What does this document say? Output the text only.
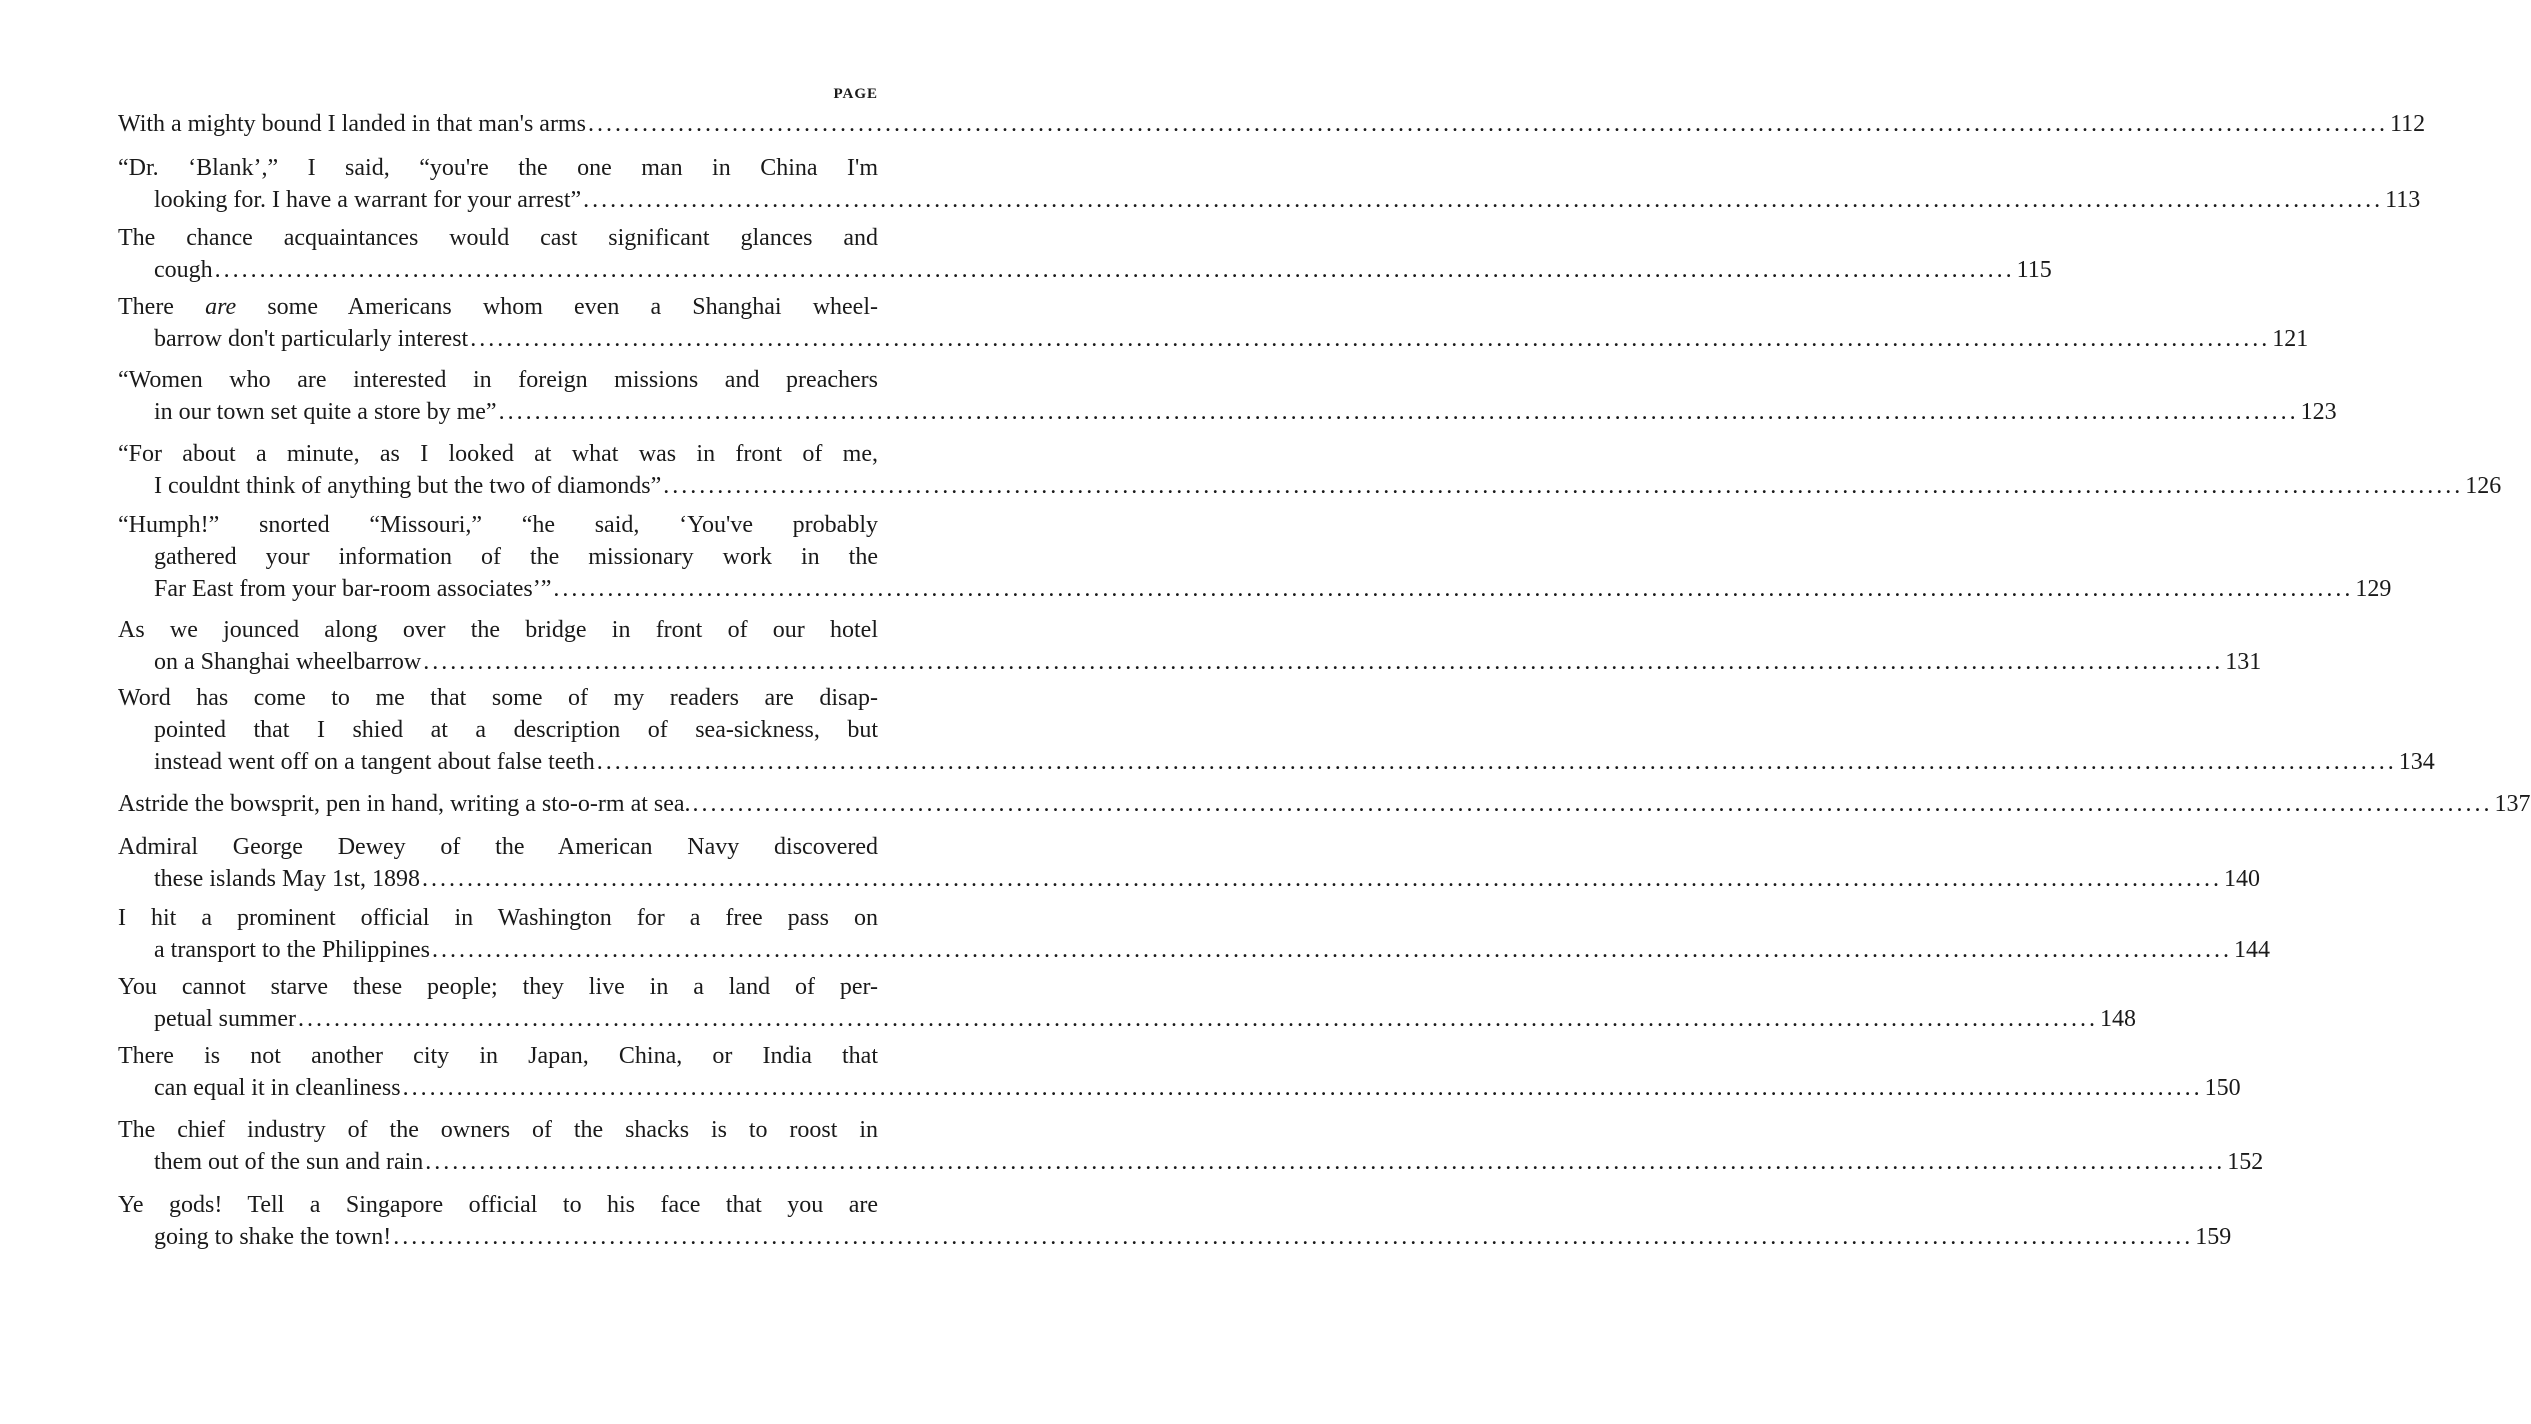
PAGE
With a mighty bound I landed in that man's arms ........................................................................................................................................................................................................ 112
“Dr. ‘Blank’,” I said, “you're the one man in China I'm
looking for. I have a warrant for your arrest” ........................................................................................................................................................................................................ 113
The chance acquaintances would cast significant glances and
cough ........................................................................................................................................................................................................ 115
There are some Americans whom even a Shanghai wheel-
barrow don't particularly interest ........................................................................................................................................................................................................ 121
“Women who are interested in foreign missions and preachers
in our town set quite a store by me” ........................................................................................................................................................................................................ 123
“For about a minute, as I looked at what was in front of me,
I couldnt think of anything but the two of diamonds” ........................................................................................................................................................................................................ 126
“Humph!” snorted “Missouri,” “he said, ‘You've probably
gathered your information of the missionary work in the
Far East from your bar-room associates’” ........................................................................................................................................................................................................ 129
As we jounced along over the bridge in front of our hotel
on a Shanghai wheelbarrow ........................................................................................................................................................................................................ 131
Word has come to me that some of my readers are disap-
pointed that I shied at a description of sea-sickness, but
instead went off on a tangent about false teeth ........................................................................................................................................................................................................ 134
Astride the bowsprit, pen in hand, writing a sto-o-rm at sea. ........................................................................................................................................................................................................ 137
Admiral George Dewey of the American Navy discovered
these islands May 1st, 1898 ........................................................................................................................................................................................................ 140
I hit a prominent official in Washington for a free pass on
a transport to the Philippines ........................................................................................................................................................................................................ 144
You cannot starve these people; they live in a land of per-
petual summer ........................................................................................................................................................................................................ 148
There is not another city in Japan, China, or India that
can equal it in cleanliness ........................................................................................................................................................................................................ 150
The chief industry of the owners of the shacks is to roost in
them out of the sun and rain ........................................................................................................................................................................................................ 152
Ye gods! Tell a Singapore official to his face that you are
going to shake the town! ........................................................................................................................................................................................................ 159
